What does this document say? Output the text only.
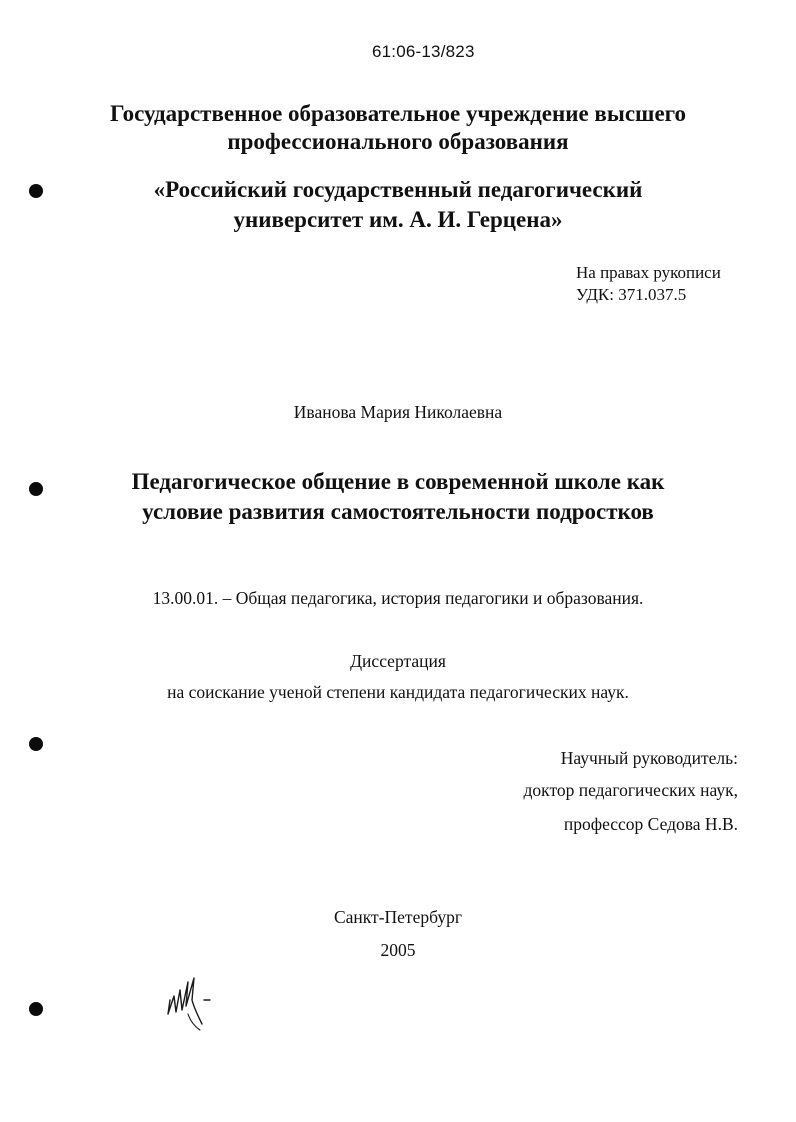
61:06-13/823
Государственное образовательное учреждение высшего
профессионального образования
«Российский государственный педагогический
университет им. А. И. Герцена»
На правах рукописи
УДК: 371.037.5
Иванова Мария Николаевна
Педагогическое общение в современной школе как
условие развития самостоятельности подростков
13.00.01. – Общая педагогика, история педагогики и образования.
Диссертация
на соискание ученой степени кандидата педагогических наук.
Научный руководитель:
доктор педагогических наук,
профессор Седова Н.В.
Санкт-Петербург
2005
